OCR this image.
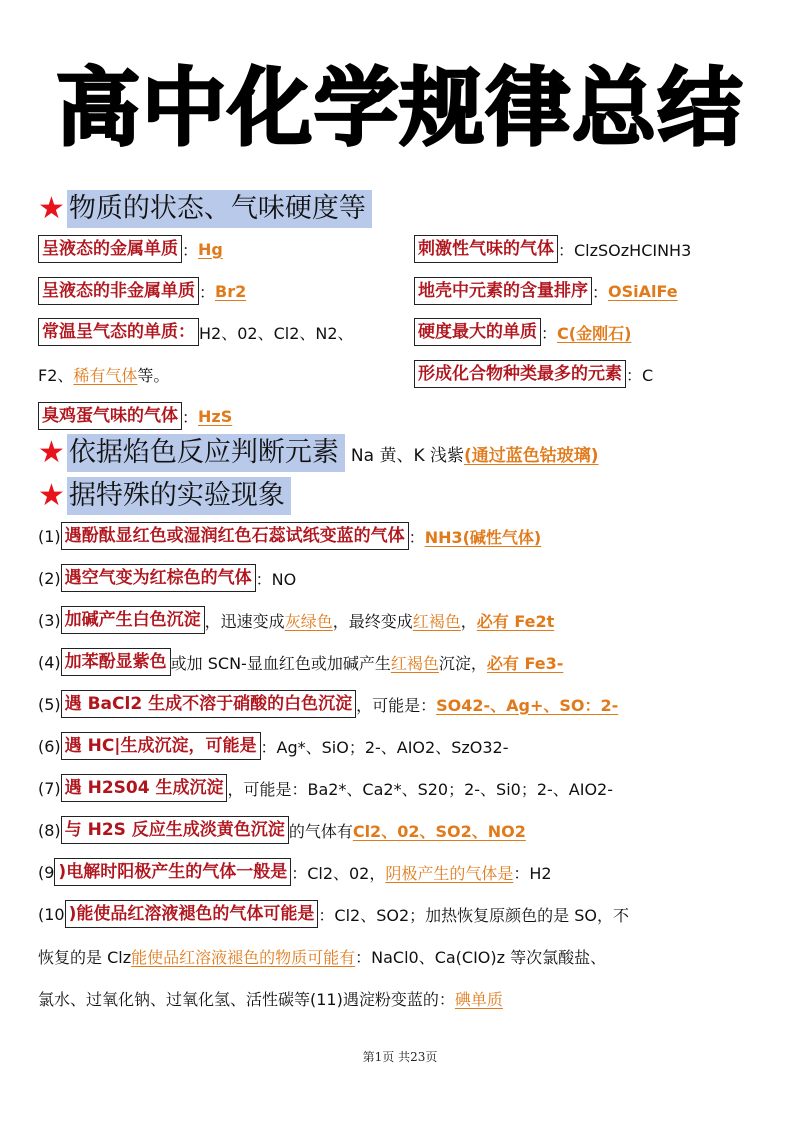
高中化学规律总结
★ 物质的状态、气味硬度等
呈液态的金属单质 ： Hg
呈液态的非金属单质 ： Br2
常温呈气态的单质： H2、02、Cl2、N2、
F2、 稀有气体 等。
臭鸡蛋气味的气体 ： HzS
刺激性气味的气体 ：ClzSOzHCINH3
地壳中元素的含量排序 ： OSiAlFe
硬度最大的单质 ： C(金刚石)
形成化合物种类最多的元素 ：C
★ 依据焰色反应判断元素 Na 黄、K 浅紫 (通过蓝色钴玻璃)
★ 据特殊的实验现象
(1) 遇酚酞显红色或湿润红色石蕊试纸变蓝的气体 ： NH3(碱性气体)
(2) 遇空气变为红棕色的气体 ：NO
(3) 加碱产生白色沉淀 ，迅速变成 灰绿色 ，最终变成 红褐色 ， 必有 Fe2t
(4) 加苯酚显紫色 或加 SCN-显血红色或加碱产生 红褐色 沉淀， 必有 Fe3-
(5) 遇 BaCl2 生成不溶于硝酸的白色沉淀 ，可能是： SO42-、Ag+、SO：2-
(6) 遇 HC|生成沉淀，可能是 ：Ag*、SiO；2-、AIO2、SzO32-
(7) 遇 H2S04 生成沉淀 ，可能是：Ba2*、Ca2*、S20；2-、Si0；2-、AIO2-
(8) 与 H2S 反应生成淡黄色沉淀 的气体有 Cl2、02、SO2、NO2
(9 )电解时阳极产生的气体一般是 ：Cl2、02， 阴极产生的气体是 ：H2
(10 )能使品红溶液褪色的气体可能是 ：Cl2、SO2；加热恢复原颜色的是 SO，不
恢复的是 Clz 能使品红溶液褪色的物质可能有 ：NaCl0、Ca(CIO)z 等次氯酸盐、
氯水、过氧化钠、过氧化氢、活性碳等(11)遇淀粉变蓝的： 碘单质
第1页 共23页
